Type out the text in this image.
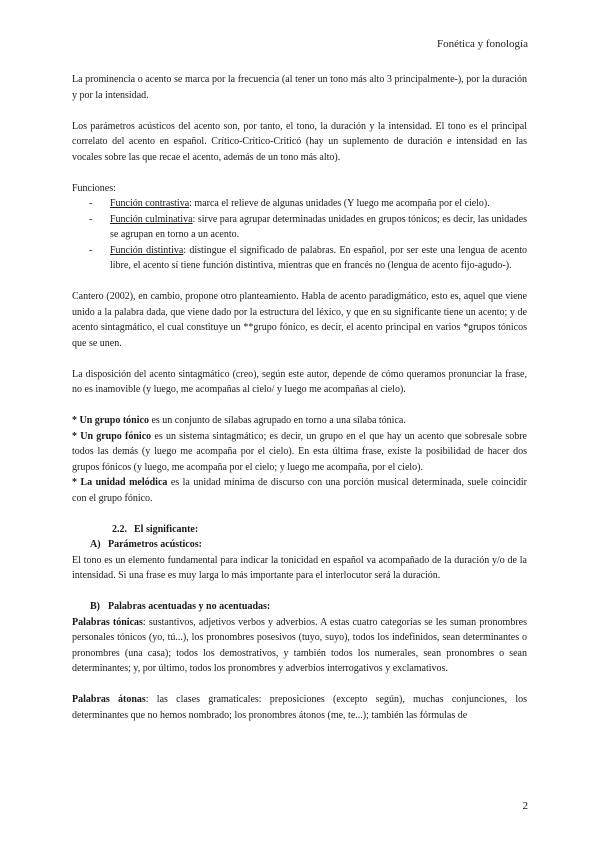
Fonética y fonología

La prominencia o acento se marca por la frecuencia (al tener un tono más alto 3 principalmente-), por la duración y por la intensidad.

Los parámetros acústicos del acento son, por tanto, el tono, la duración y la intensidad. El tono es el principal correlato del acento en español. Crítico-Crítico-Criticó (hay un suplemento de duración e intensidad en las vocales sobre las que recae el acento, además de un tono más alto).

Funciones:

- Función contrastiva: marca el relieve de algunas unidades (Y luego me acompaña por el cielo).
- Función culminativa: sirve para agrupar determinadas unidades en grupos tónicos; es decir, las unidades se agrupan en torno a un acento.
- Función distintiva: distingue el significado de palabras. En español, por ser este una lengua de acento libre, el acento sí tiene función distintiva, mientras que en francés no (lengua de acento fijo-agudo-).

Cantero (2002), en cambio, propone otro planteamiento. Habla de acento paradigmático, esto es, aquel que viene unido a la palabra dada, que viene dado por la estructura del léxico, y que en su significante tiene un acento; y de acento sintagmático, el cual constituye un **grupo fónico, es decir, el acento principal en varios *grupos tónicos que se unen.

La disposición del acento sintagmático (creo), según este autor, depende de cómo queramos pronunciar la frase, no es inamovible (y luego, me acompañas al cielo/ y luego me acompañas al cielo).

* Un grupo tónico es un conjunto de sílabas agrupado en torno a una sílaba tónica.

* Un grupo fónico es un sistema sintagmático; es decir, un grupo en el que hay un acento que sobresale sobre todos las demás (y luego me acompaña por el cielo). En esta última frase, existe la posibilidad de hacer dos grupos fónicos (y luego, me acompaña por el cielo; y luego me acompaña, por el cielo).

* La unidad melódica es la unidad mínima de discurso con una porción musical determinada, suele coincidir con el grupo fónico.

2.2. El significante:

A) Parámetros acústicos:

El tono es un elemento fundamental para indicar la tonicidad en español va acompañado de la duración y/o de la intensidad. Si una frase es muy larga lo más importante para el interlocutor será la duración.

B) Palabras acentuadas y no acentuadas:

Palabras tónicas: sustantivos, adjetivos verbos y adverbios. A estas cuatro categorías se les suman pronombres personales tónicos (yo, tú...), los pronombres posesivos (tuyo, suyo), todos los indefinidos, sean determinantes o pronombres (una casa); todos los demostrativos, y también todos los numerales, sean pronombres o sean determinantes; y, por último, todos los pronombres y adverbios interrogativos y exclamativos.

Palabras átonas: las clases gramaticales: preposiciones (excepto según), muchas conjunciones, los determinantes que no hemos nombrado; los pronombres átonos (me, te...); también las fórmulas de

2
